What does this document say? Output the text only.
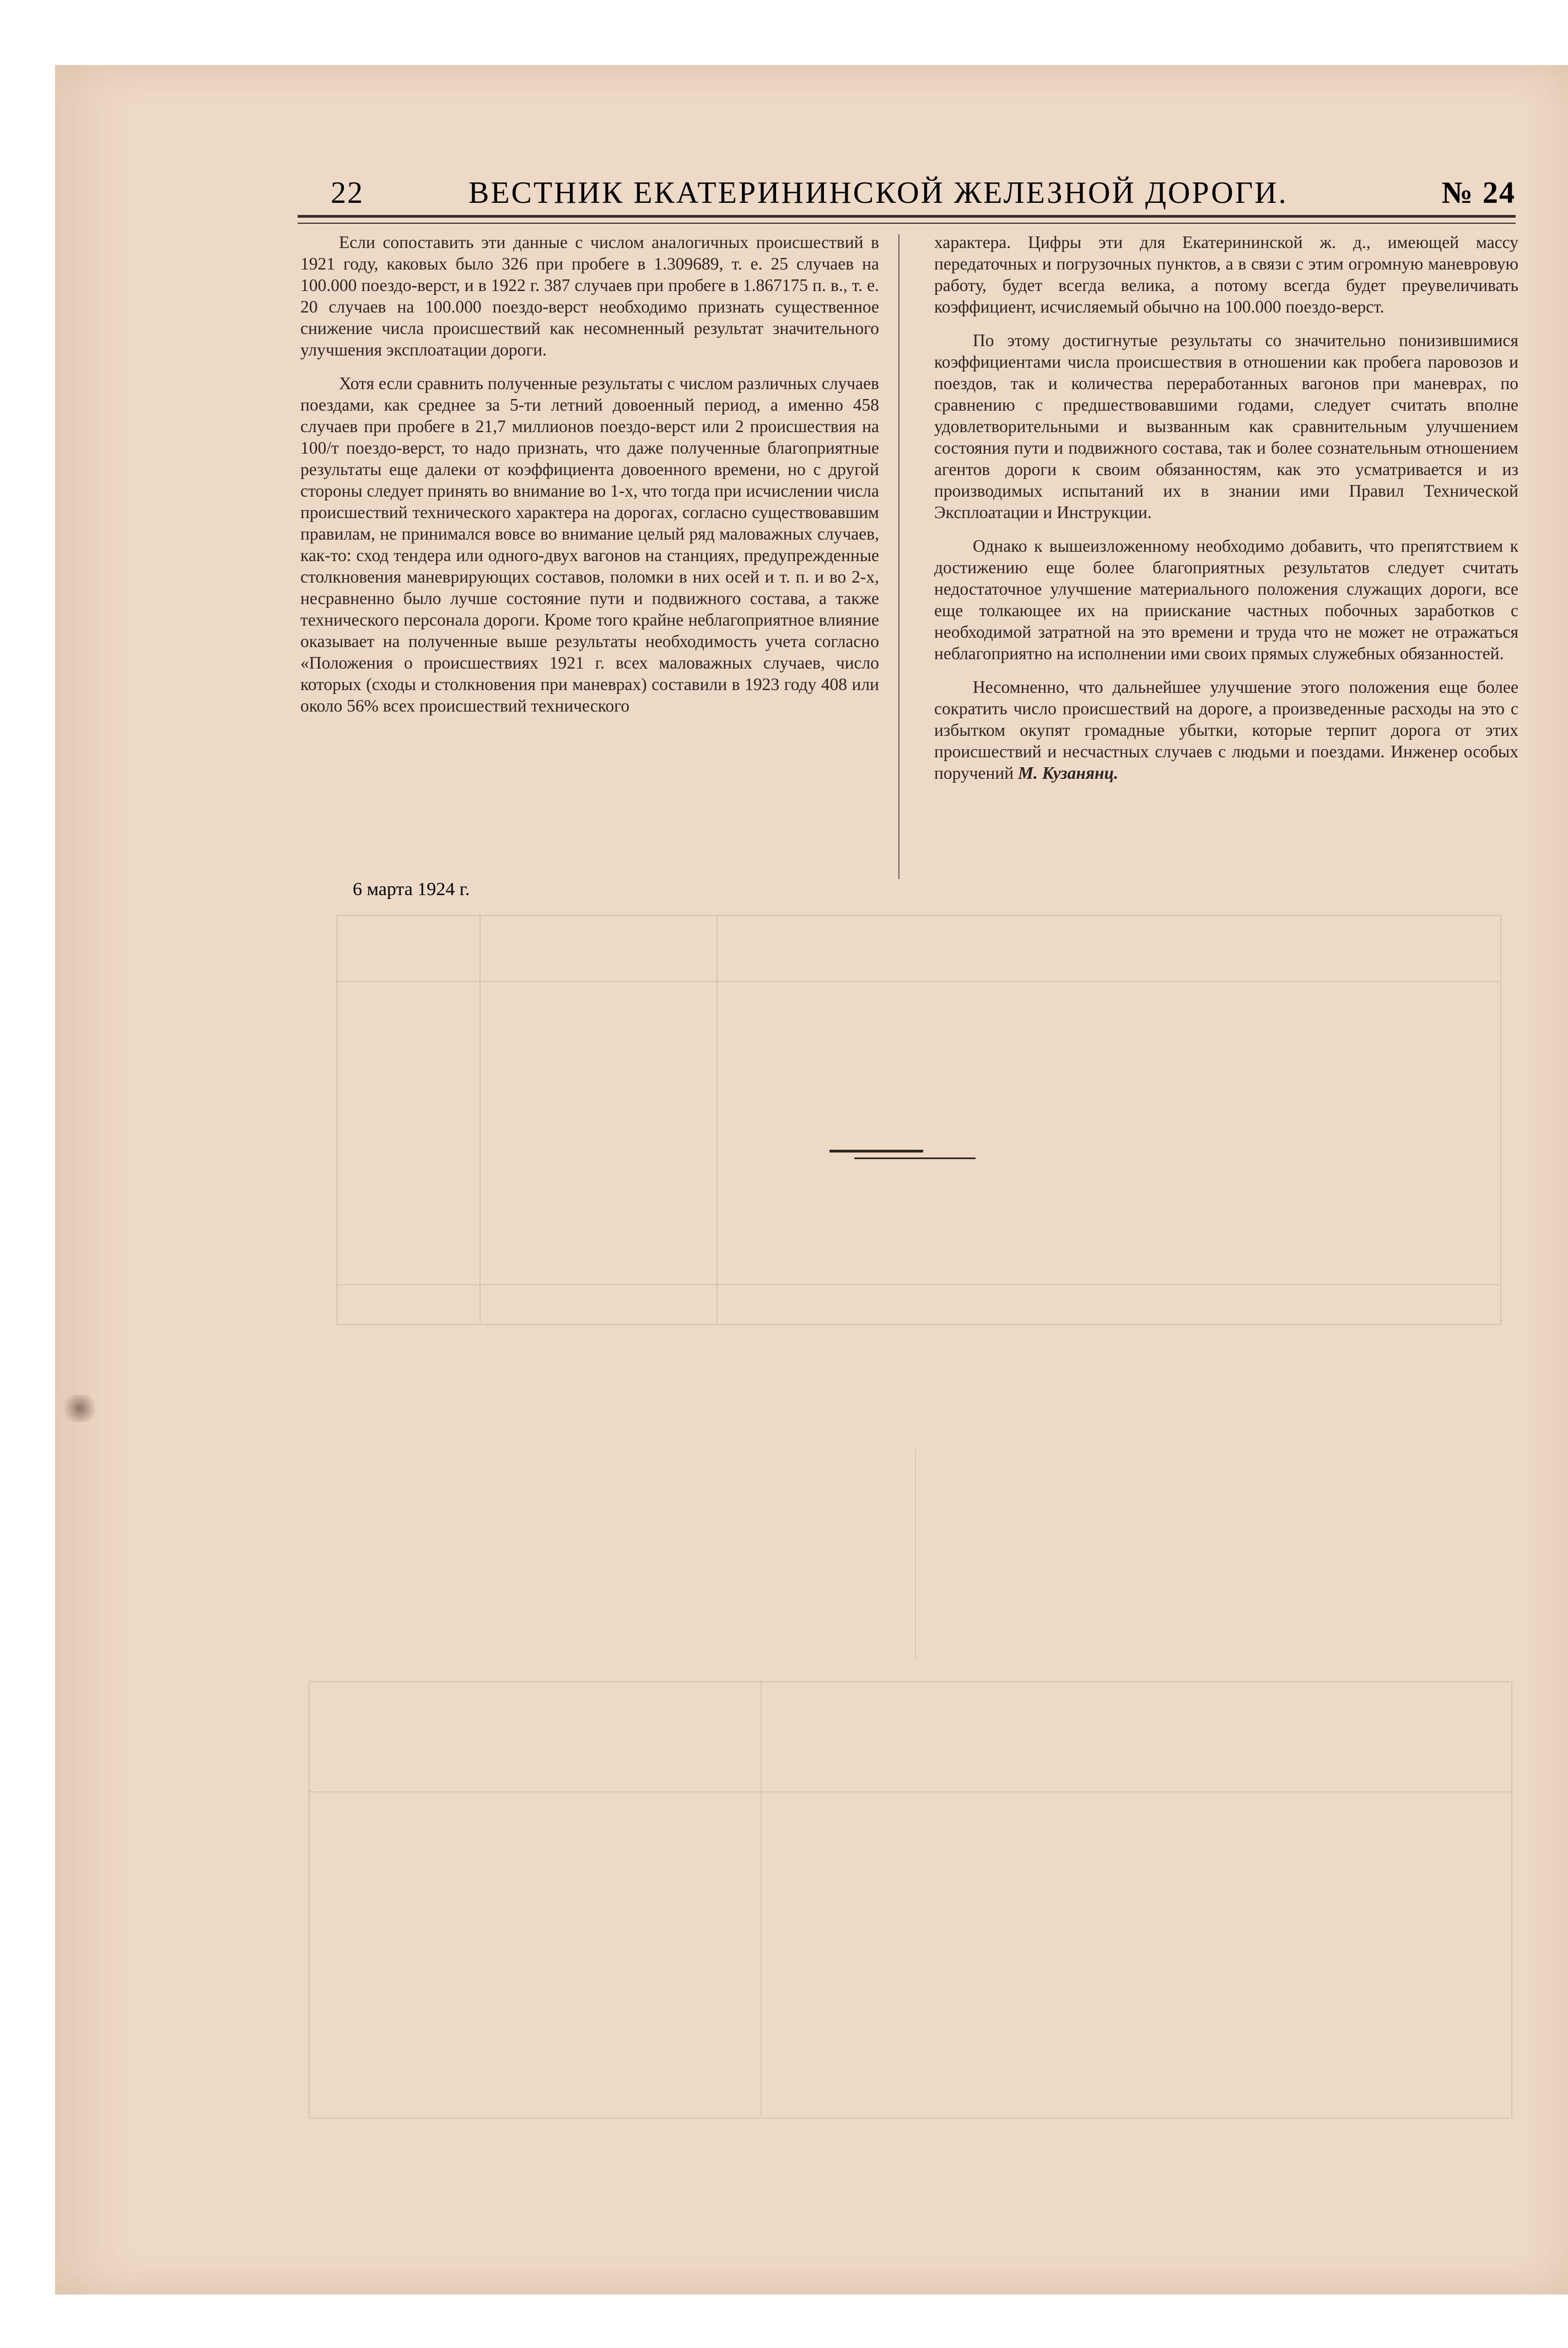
22	ВЕСТНИК ЕКАТЕРИНИНСКОЙ ЖЕЛЕЗНОЙ ДОРОГИ.	№ 24

Если сопоставить эти данные с числом аналогичных происшествий в 1921 году, каковых было 326 при пробеге в 1.309689, т. е. 25 случаев на 100.000 поездо-верст, и в 1922 г. 387 случаев при пробеге в 1.867175 п. в., т. е. 20 случаев на 100.000 поездо-верст необходимо признать существенное снижение числа происшествий как несомненный результат значительного улучшения эксплоатации дороги.

Хотя если сравнить полученные результаты с числом различных случаев поездами, как среднее за 5-ти летний довоенный период, а именно 458 случаев при пробеге в 21,7 миллионов поездо-верст или 2 происшествия на 100/т поездо-верст, то надо признать, что даже полученные благоприятные результаты еще далеки от коэффициента довоенного времени, но с другой стороны следует принять во внимание во 1-х, что тогда при исчислении числа происшествий технического характера на дорогах, согласно существовавшим правилам, не принимался вовсе во внимание целый ряд маловажных случаев, как-то: сход тендера или одного-двух вагонов на станциях, предупрежденные столкновения маневрирующих составов, поломки в них осей и т. п. и во 2-х, несравненно было лучше состояние пути и подвижного состава, а также технического персонала дороги. Кроме того крайне неблагоприятное влияние оказывает на полученные выше результаты необходимость учета согласно «Положения о происшествиях 1921 г. всех маловажных случаев, число которых (сходы и столкновения при маневрах) составили в 1923 году 408 или около 56% всех происшествий технического

характера. Цифры эти для Екатерининской ж. д., имеющей массу передаточных и погрузочных пунктов, а в связи с этим огромную маневровую работу, будет всегда велика, а потому всегда будет преувеличивать коэффициент, исчисляемый обычно на 100.000 поездо-верст.

По этому достигнутые результаты со значительно понизившимися коэффициентами числа происшествия в отношении как пробега паровозов и поездов, так и количества переработанных вагонов при маневрах, по сравнению с предшествовавшими годами, следует считать вполне удовлетворительными и вызванным как сравнительным улучшением состояния пути и подвижного состава, так и более сознательным отношением агентов дороги к своим обязанностям, как это усматривается и из производимых испытаний их в знании ими Правил Технической Эксплоатации и Инструкции.

Однако к вышеизложенному необходимо добавить, что препятствием к достижению еще более благоприятных результатов следует считать недостаточное улучшение материального положения служащих дороги, все еще толкающее их на приискание частных побочных заработков с необходимой затратной на это времени и труда что не может не отражаться неблагоприятно на исполнении ими своих прямых служебных обязанностей.

Несомненно, что дальнейшее улучшение этого положения еще более сократить число происшествий на дороге, а произведенные расходы на это с избытком окупят громадные убытки, которые терпит дорога от этих происшествий и несчастных случаев с людьми и поездами. Инженер особых поручений М. Кузанянц.

6 марта 1924 г.
